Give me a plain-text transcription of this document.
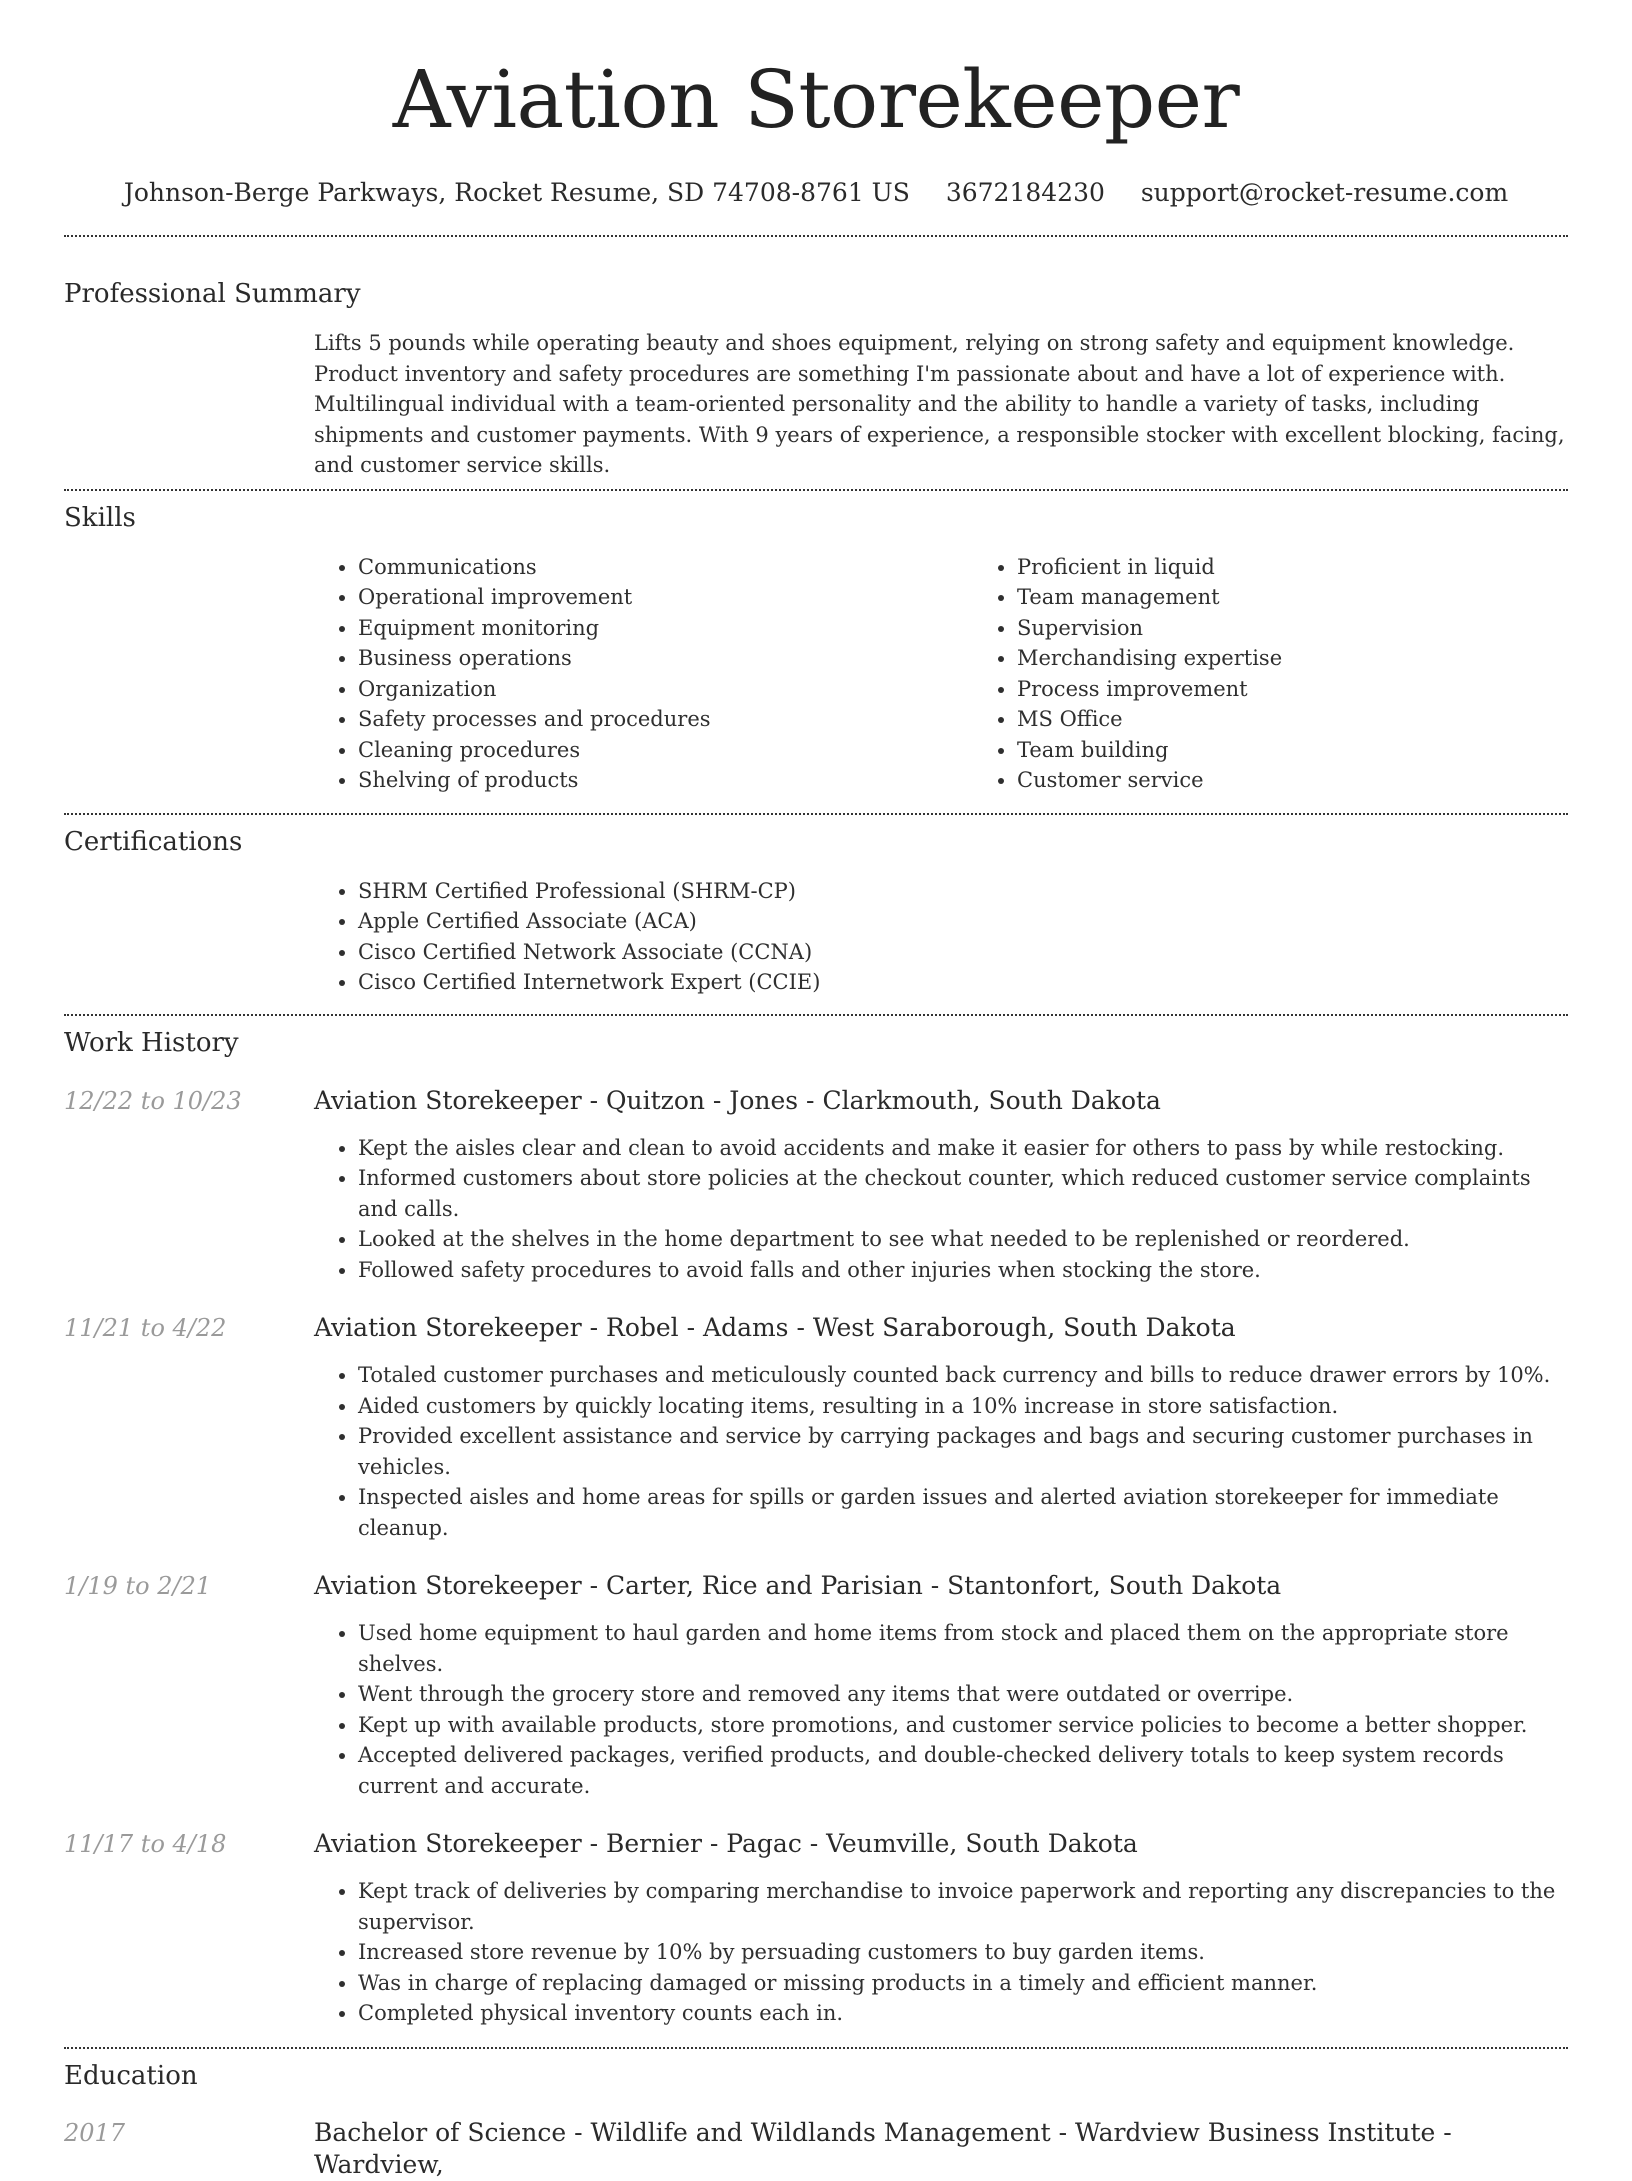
Aviation Storekeeper
Johnson-Berge Parkways, Rocket Resume, SD 74708-8761 US 3672184230 support@rocket-resume.com
Professional Summary
Lifts 5 pounds while operating beauty and shoes equipment, relying on strong safety and equipment knowledge. Product inventory and safety procedures are something I'm passionate about and have a lot of experience with. Multilingual individual with a team-oriented personality and the ability to handle a variety of tasks, including shipments and customer payments. With 9 years of experience, a responsible stocker with excellent blocking, facing, and customer service skills.
Skills
• Communications
• Operational improvement
• Equipment monitoring
• Business operations
• Organization
• Safety processes and procedures
• Cleaning procedures
• Shelving of products
• Proficient in liquid
• Team management
• Supervision
• Merchandising expertise
• Process improvement
• MS Office
• Team building
• Customer service
Certifications
• SHRM Certified Professional (SHRM-CP)
• Apple Certified Associate (ACA)
• Cisco Certified Network Associate (CCNA)
• Cisco Certified Internetwork Expert (CCIE)
Work History
12/22 to 10/23	Aviation Storekeeper - Quitzon - Jones - Clarkmouth, South Dakota
• Kept the aisles clear and clean to avoid accidents and make it easier for others to pass by while restocking.
• Informed customers about store policies at the checkout counter, which reduced customer service complaints and calls.
• Looked at the shelves in the home department to see what needed to be replenished or reordered.
• Followed safety procedures to avoid falls and other injuries when stocking the store.
11/21 to 4/22	Aviation Storekeeper - Robel - Adams - West Saraborough, South Dakota
• Totaled customer purchases and meticulously counted back currency and bills to reduce drawer errors by 10%.
• Aided customers by quickly locating items, resulting in a 10% increase in store satisfaction.
• Provided excellent assistance and service by carrying packages and bags and securing customer purchases in vehicles.
• Inspected aisles and home areas for spills or garden issues and alerted aviation storekeeper for immediate cleanup.
1/19 to 2/21	Aviation Storekeeper - Carter, Rice and Parisian - Stantonfort, South Dakota
• Used home equipment to haul garden and home items from stock and placed them on the appropriate store shelves.
• Went through the grocery store and removed any items that were outdated or overripe.
• Kept up with available products, store promotions, and customer service policies to become a better shopper.
• Accepted delivered packages, verified products, and double-checked delivery totals to keep system records current and accurate.
11/17 to 4/18	Aviation Storekeeper - Bernier - Pagac - Veumville, South Dakota
• Kept track of deliveries by comparing merchandise to invoice paperwork and reporting any discrepancies to the supervisor.
• Increased store revenue by 10% by persuading customers to buy garden items.
• Was in charge of replacing damaged or missing products in a timely and efficient manner.
• Completed physical inventory counts each in.
Education
2017	Bachelor of Science - Wildlife and Wildlands Management - Wardview Business Institute - Wardview,
